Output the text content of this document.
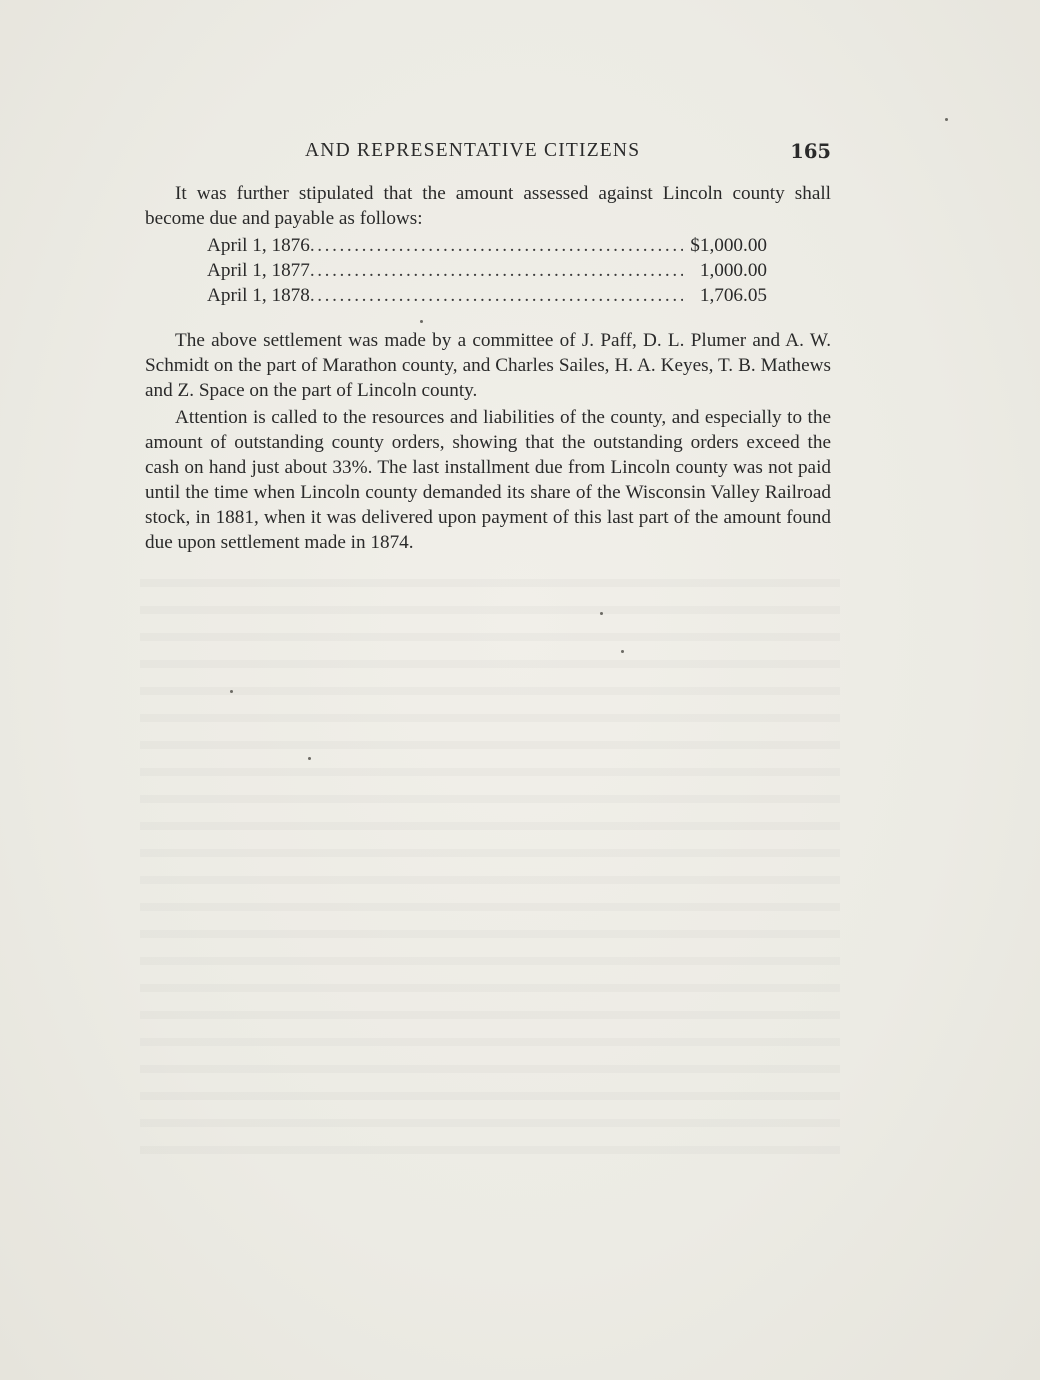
AND REPRESENTATIVE CITIZENS	165

It was further stipulated that the amount assessed against Lincoln county shall become due and payable as follows:

April 1, 1876 .....	$1,000.00
April 1, 1877 .....	1,000.00
April 1, 1878 .....	1,706.05

The above settlement was made by a committee of J. Paff, D. L. Plumer and A. W. Schmidt on the part of Marathon county, and Charles Sailes, H. A. Keyes, T. B. Mathews and Z. Space on the part of Lincoln county.

Attention is called to the resources and liabilities of the county, and especially to the amount of outstanding county orders, showing that the outstanding orders exceed the cash on hand just about 33%. The last installment due from Lincoln county was not paid until the time when Lincoln county demanded its share of the Wisconsin Valley Railroad stock, in 1881, when it was delivered upon payment of this last part of the amount found due upon settlement made in 1874.
